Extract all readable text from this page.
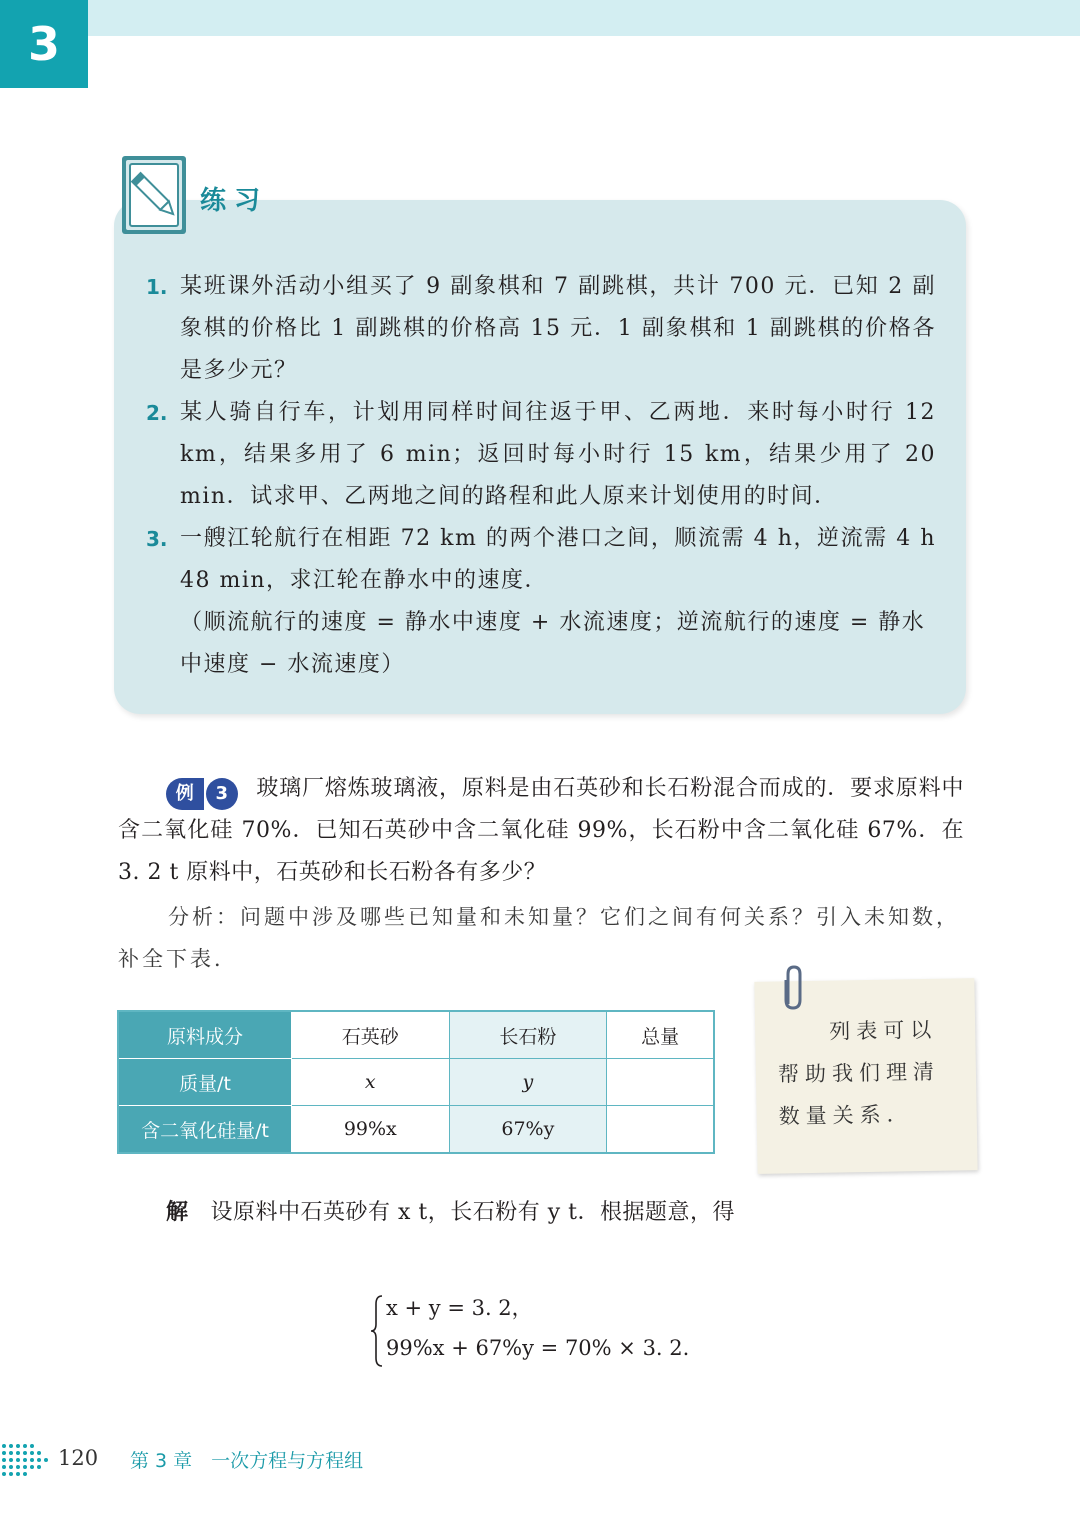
3
练习
1. 某班课外活动小组买了 9 副象棋和 7 副跳棋，共计 700 元．已知 2 副象棋的价格比 1 副跳棋的价格高 15 元．1 副象棋和 1 副跳棋的价格各是多少元？
2. 某人骑自行车，计划用同样时间往返于甲、乙两地．来时每小时行 12 km，结果多用了 6 min；返回时每小时行 15 km，结果少用了 20 min．试求甲、乙两地之间的路程和此人原来计划使用的时间．
3. 一艘江轮航行在相距 72 km 的两个港口之间，顺流需 4 h，逆流需 4 h 48 min，求江轮在静水中的速度．
（顺流航行的速度 = 静水中速度 + 水流速度；逆流航行的速度 = 静水中速度 − 水流速度）
例	3	玻璃厂熔炼玻璃液，原料是由石英砂和长石粉混合而成的．要求原料中含二氧化硅 70%．已知石英砂中含二氧化硅 99%，长石粉中含二氧化硅 67%．在 3. 2 t 原料中，石英砂和长石粉各有多少？
分析：问题中涉及哪些已知量和未知量？它们之间有何关系？引入未知数，补全下表．
原料成分	石英砂	长石粉	总量
质量/t	x	y	
含二氧化硅量/t	99%x	67%y	
列表可以帮助我们理清数量关系．
解 设原料中石英砂有 x t，长石粉有 y t．根据题意，得
x + y = 3. 2，
99%x + 67%y = 70% × 3. 2.
120 第 3 章　一次方程与方程组
